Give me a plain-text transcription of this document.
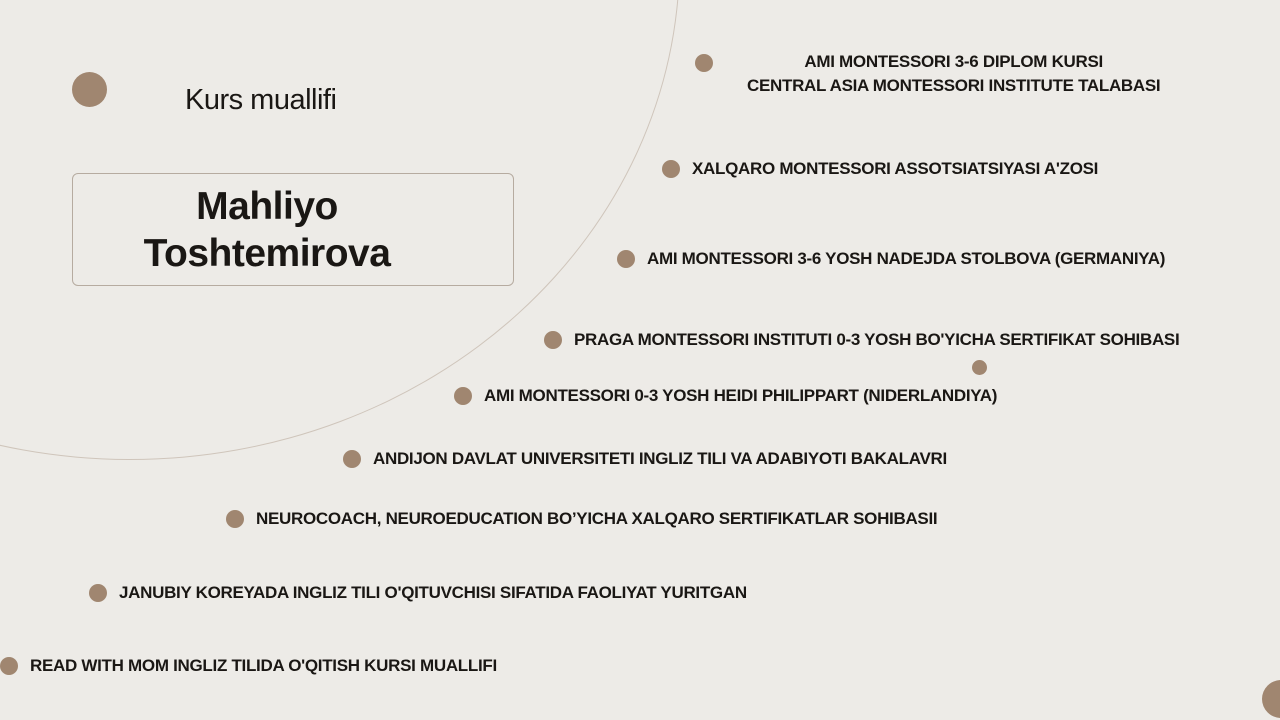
Kurs muallifi
Mahliyo
Toshtemirova
AMI MONTESSORI 3-6 DIPLOM KURSI
CENTRAL ASIA MONTESSORI INSTITUTE TALABASI
XALQARO MONTESSORI ASSOTSIATSIYASI A'ZOSI
AMI MONTESSORI 3-6 YOSH NADEJDA STOLBOVA (GERMANIYA)
PRAGA MONTESSORI INSTITUTI 0-3 YOSH BO'YICHA SERTIFIKAT SOHIBASI
AMI MONTESSORI 0-3 YOSH HEIDI PHILIPPART (NIDERLANDIYA)
ANDIJON DAVLAT UNIVERSITETI INGLIZ TILI VA ADABIYOTI BAKALAVRI
NEUROCOACH, NEUROEDUCATION BO’YICHA XALQARO SERTIFIKATLAR SOHIBASII
JANUBIY KOREYADA INGLIZ TILI O'QITUVCHISI SIFATIDA FAOLIYAT YURITGAN
READ WITH MOM INGLIZ TILIDA O'QITISH KURSI MUALLIFI
